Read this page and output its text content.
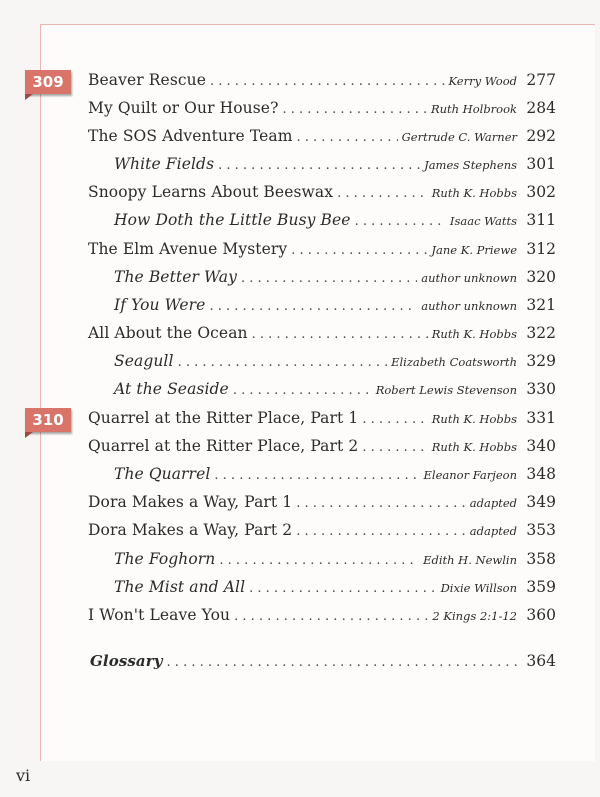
309
310
Beaver Rescue . . .	Kerry Wood 277
My Quilt or Our House? . . .	Ruth Holbrook 284
The SOS Adventure Team . . .	Gertrude C. Warner 292
White Fields . . .	James Stephens 301
Snoopy Learns About Beeswax . . .	Ruth K. Hobbs 302
How Doth the Little Busy Bee . . .	Isaac Watts 311
The Elm Avenue Mystery . . .	Jane K. Priewe 312
The Better Way . . .	author unknown 320
If You Were . . .	author unknown 321
All About the Ocean . . .	Ruth K. Hobbs 322
Seagull . . .	Elizabeth Coatsworth 329
At the Seaside . . .	Robert Lewis Stevenson 330
Quarrel at the Ritter Place, Part 1 . . .	Ruth K. Hobbs 331
Quarrel at the Ritter Place, Part 2 . . .	Ruth K. Hobbs 340
The Quarrel . . .	Eleanor Farjeon 348
Dora Makes a Way, Part 1 . . .	adapted 349
Dora Makes a Way, Part 2 . . .	adapted 353
The Foghorn . . .	Edith H. Newlin 358
The Mist and All . . .	Dixie Willson 359
I Won't Leave You . . .	2 Kings 2:1-12 360
Glossary . . .	364
vi
